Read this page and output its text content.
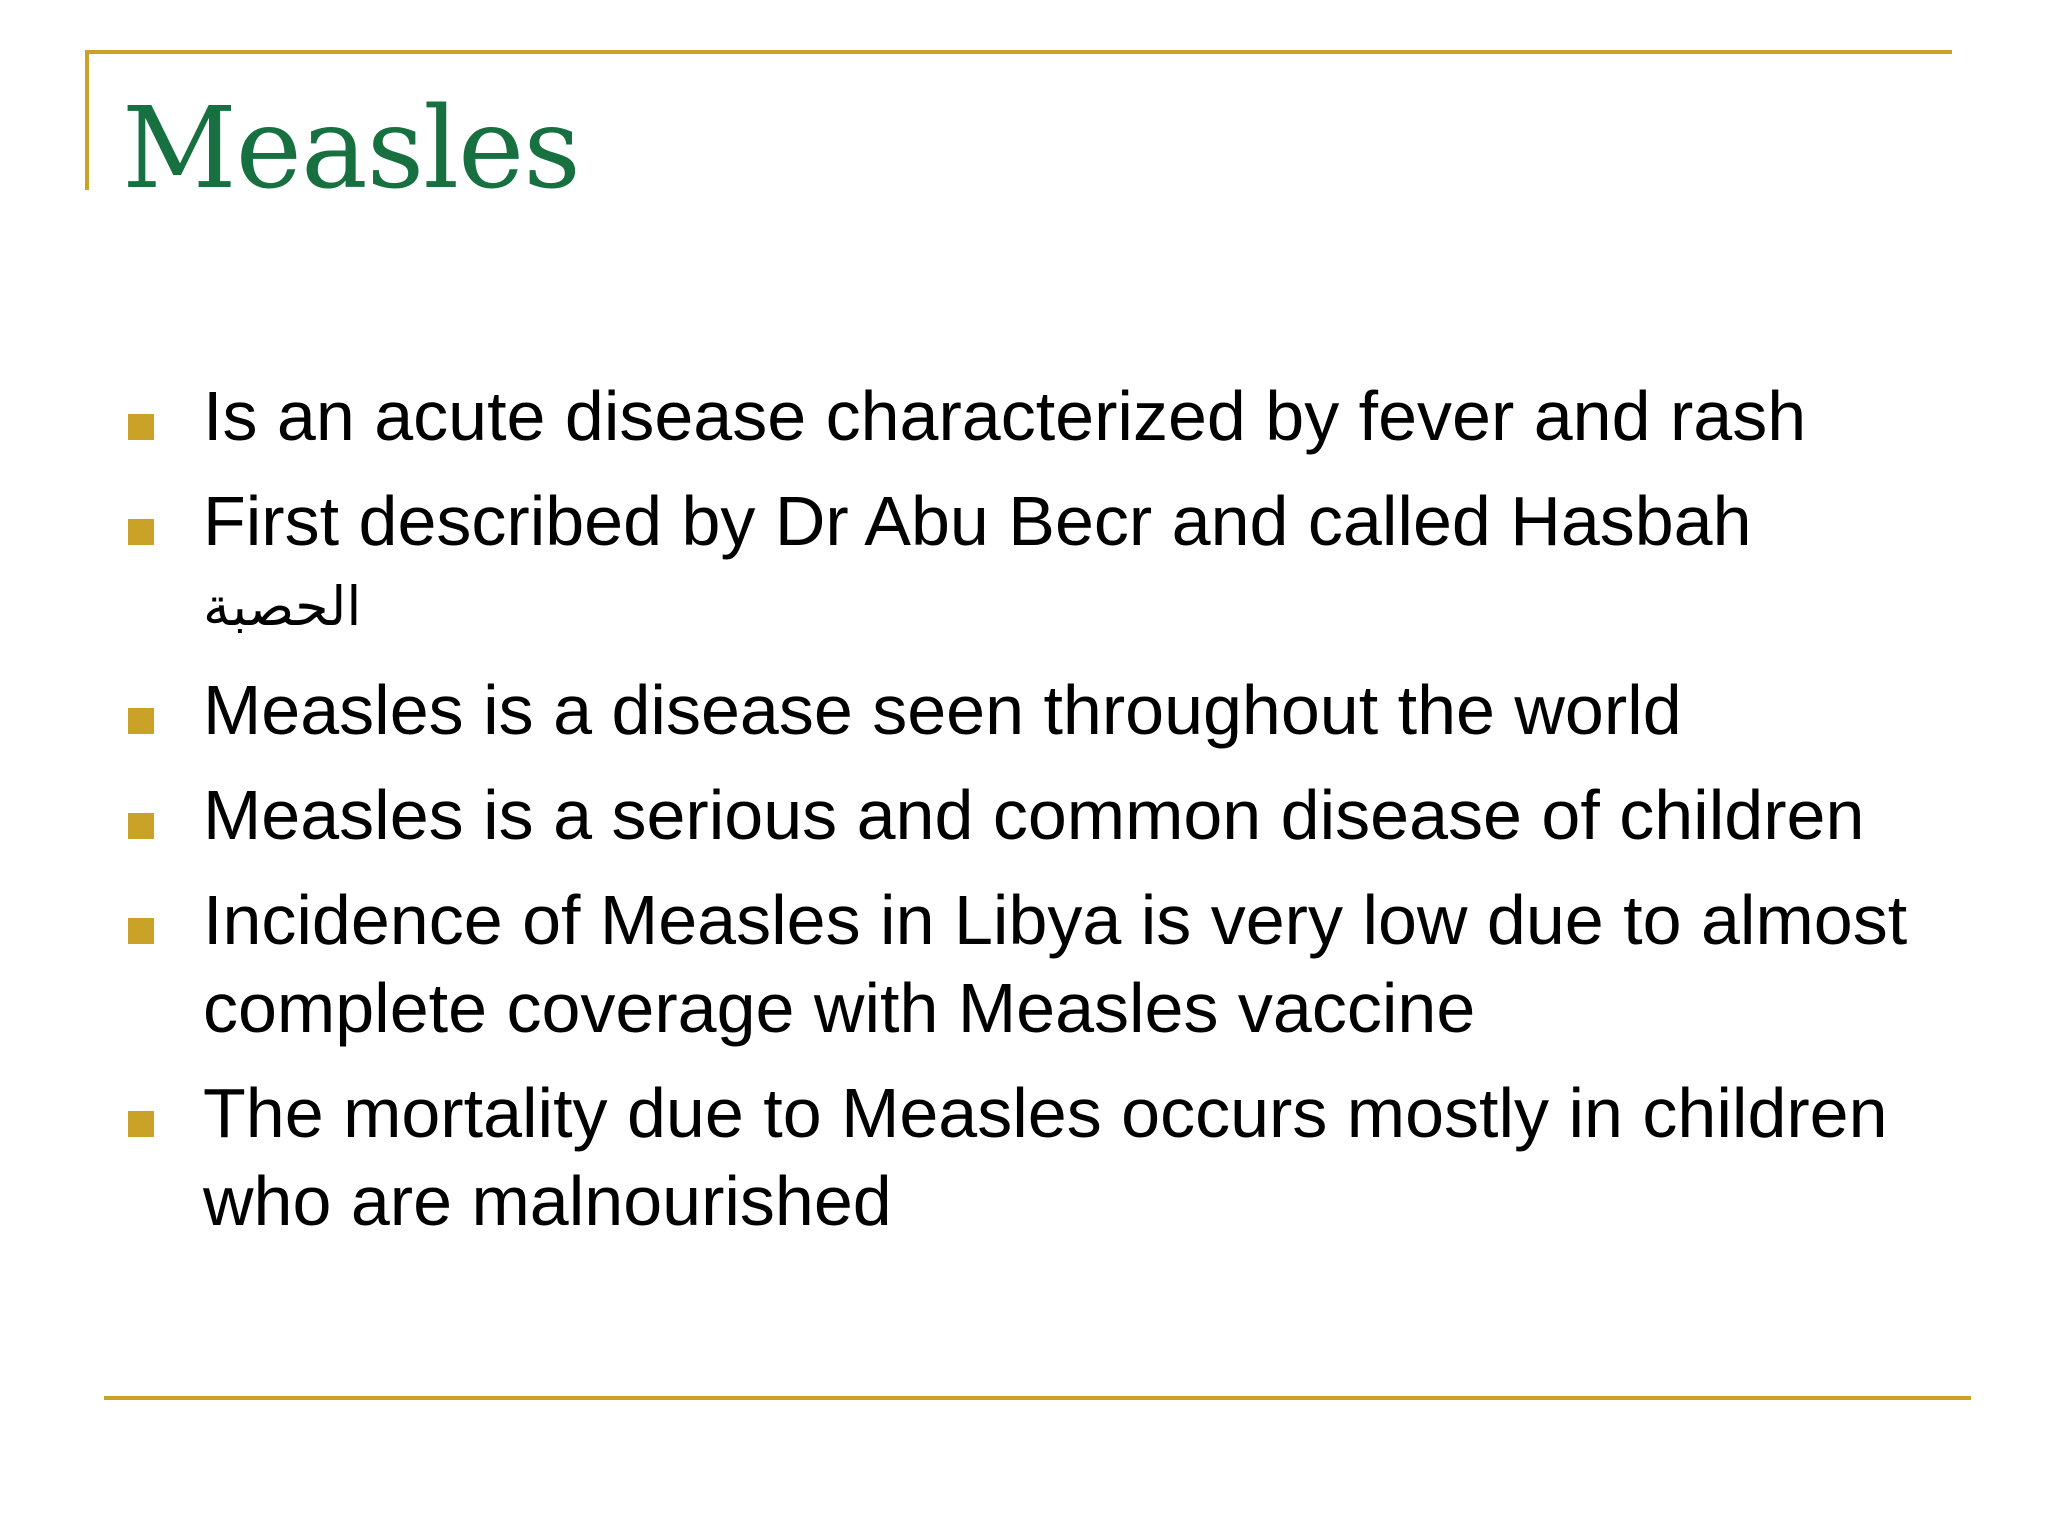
Measles
Is an acute disease characterized by fever and rash
First described by Dr Abu Becr and called Hasbah
الحصبة
Measles is a disease seen throughout the world
Measles is a serious and common disease of children
Incidence of Measles in Libya is very low due to almost complete coverage with Measles vaccine
The mortality due to Measles occurs mostly in children who are malnourished
